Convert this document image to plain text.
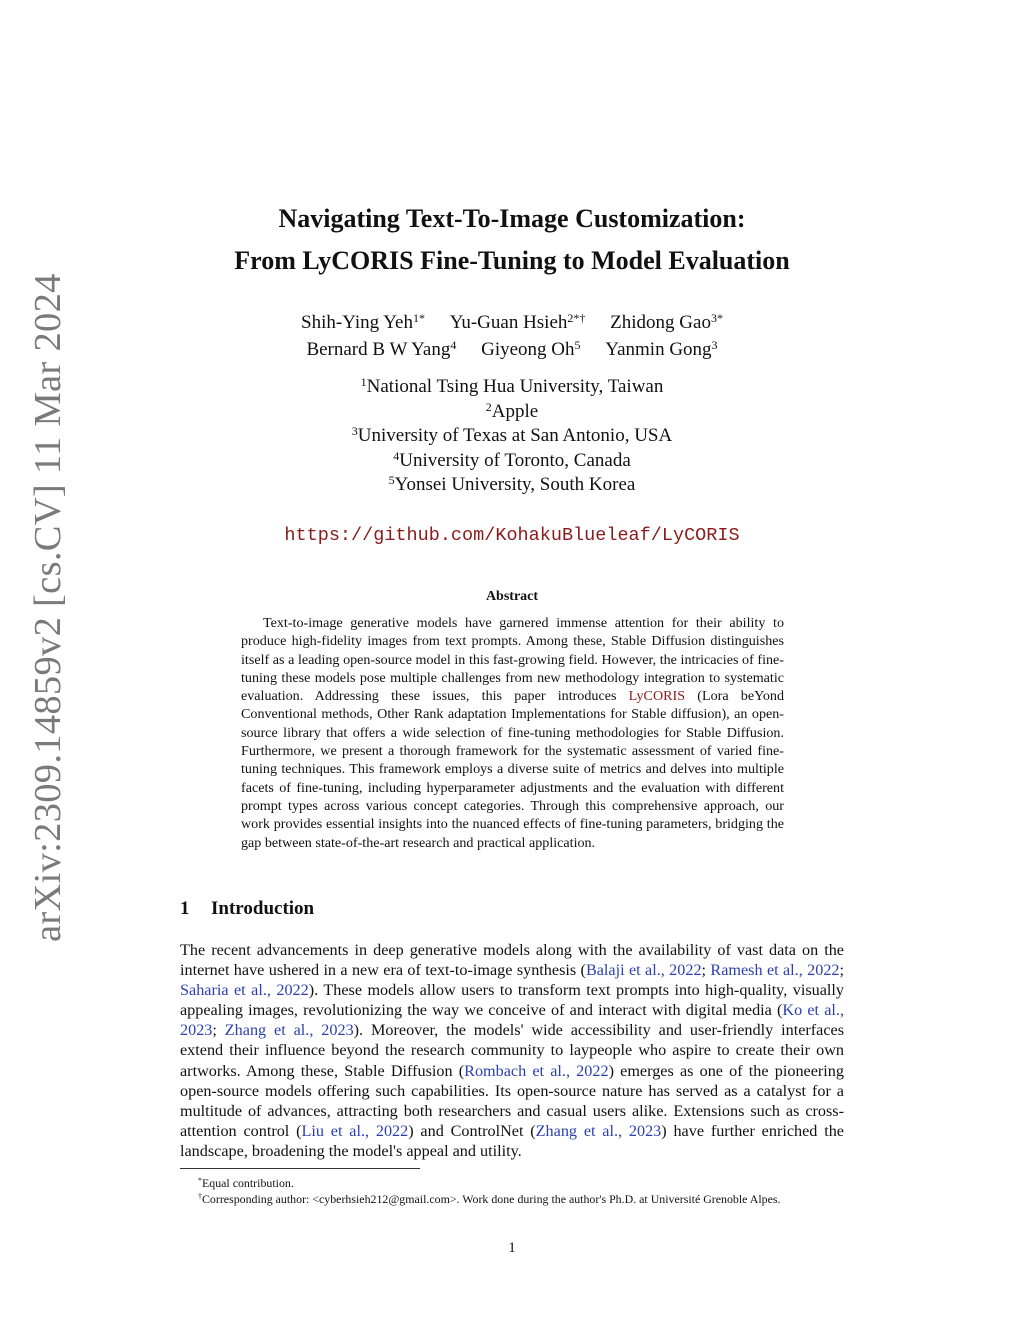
arXiv:2309.14859v2 [cs.CV] 11 Mar 2024
Navigating Text-To-Image Customization:
From LyCORIS Fine-Tuning to Model Evaluation
Shih-Ying Yeh$^{1*}$ Yu-Guan Hsieh$^{2*\dagger}$ Zhidong Gao$^{3*}$
Bernard B W Yang$^4$ Giyeong Oh$^5$ Yanmin Gong$^3$
$^1$National Tsing Hua University, Taiwan
$^2$Apple
$^3$University of Texas at San Antonio, USA
$^4$University of Toronto, Canada
$^5$Yonsei University, South Korea
https://github.com/KohakuBlueleaf/LyCORIS
Abstract
Text-to-image generative models have garnered immense attention for their ability to produce high-fidelity images from text prompts. Among these, Stable Diffusion distinguishes itself as a leading open-source model in this fast-growing field. However, the intricacies of fine-tuning these models pose multiple challenges from new methodology integration to systematic evaluation. Addressing these issues, this paper introduces LyCORIS (Lora beYond Conventional methods, Other Rank adaptation Implementations for Stable diffusion), an open-source library that offers a wide selection of fine-tuning methodologies for Stable Diffusion. Furthermore, we present a thorough framework for the systematic assessment of varied fine-tuning techniques. This framework employs a diverse suite of metrics and delves into multiple facets of fine-tuning, including hyperparameter adjustments and the evaluation with different prompt types across various concept categories. Through this comprehensive approach, our work provides essential insights into the nuanced effects of fine-tuning parameters, bridging the gap between state-of-the-art research and practical application.
1 Introduction
The recent advancements in deep generative models along with the availability of vast data on the internet have ushered in a new era of text-to-image synthesis (Balaji et al., 2022; Ramesh et al., 2022; Saharia et al., 2022). These models allow users to transform text prompts into high-quality, visually appealing images, revolutionizing the way we conceive of and interact with digital media (Ko et al., 2023; Zhang et al., 2023). Moreover, the models' wide accessibility and user-friendly interfaces extend their influence beyond the research community to laypeople who aspire to create their own artworks. Among these, Stable Diffusion (Rombach et al., 2022) emerges as one of the pioneering open-source models offering such capabilities. Its open-source nature has served as a catalyst for a multitude of advances, attracting both researchers and casual users alike. Extensions such as cross-attention control (Liu et al., 2022) and ControlNet (Zhang et al., 2023) have further enriched the landscape, broadening the model's appeal and utility.
*Equal contribution.
†Corresponding author: <cyberhsieh212@gmail.com>. Work done during the author's Ph.D. at Université Grenoble Alpes.
1
